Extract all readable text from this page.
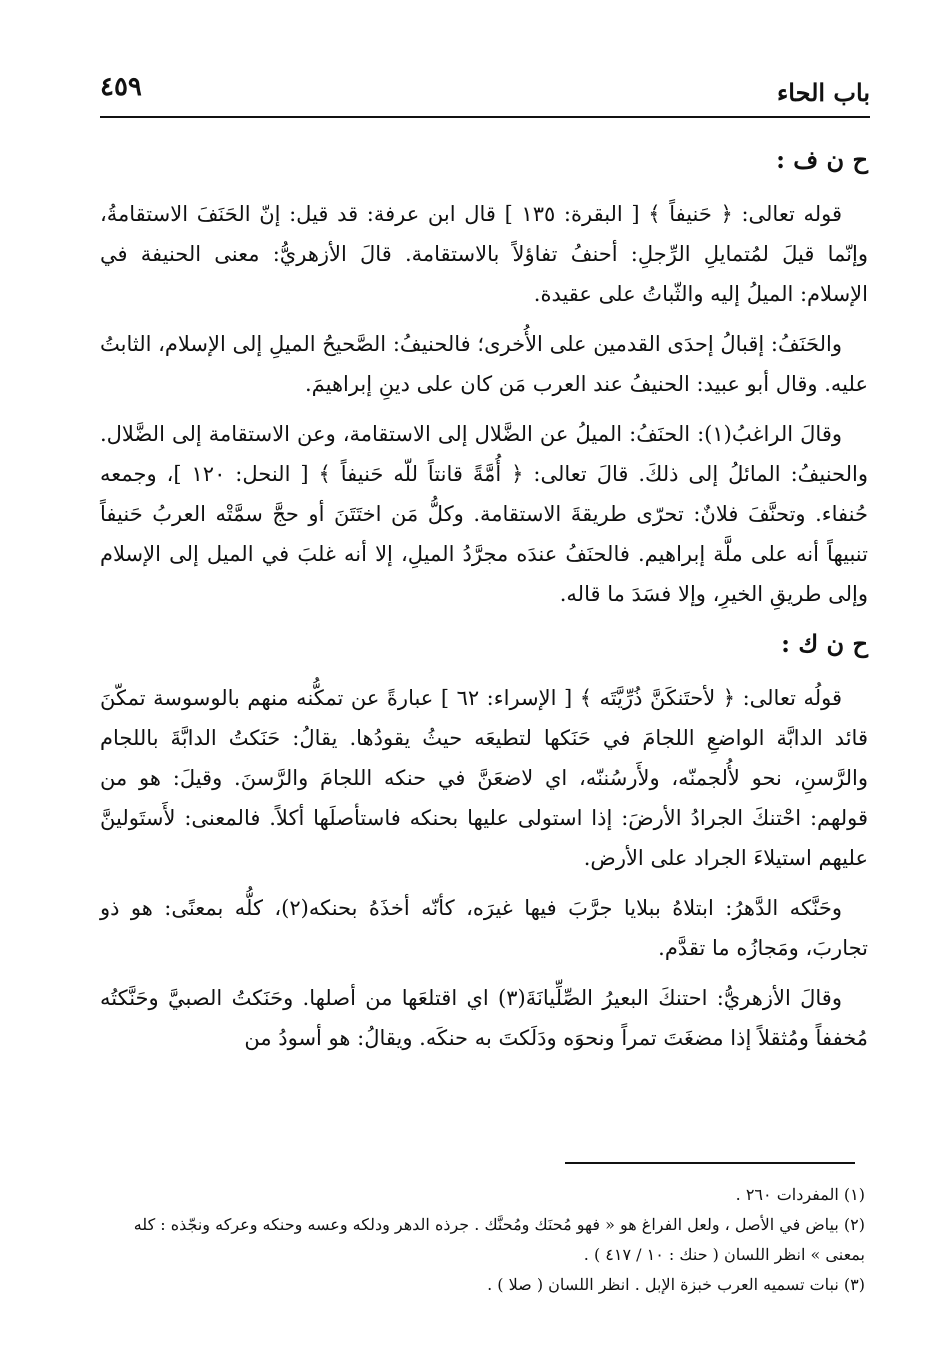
باب الحاء
٤٥٩
ح ن ف :

قوله تعالى: ﴿ حَنيفاً ﴾ [ البقرة: ١٣٥ ] قال ابن عرفة: قد قيل: إنّ الحَنَفَ الاستقامةُ، وإنّما قيلَ لمُتمايلِ الرِّجلِ: أحنفُ تفاؤلاً بالاستقامة. قالَ الأزهريُّ: معنى الحنيفة في الإسلام: الميلُ إليه والثّباتُ على عقيدة.

والحَنَفُ: إقبالُ إحدَى القدمين على الأُخرى؛ فالحنيفُ: الصَّحيحُ الميلِ إلى الإسلام، الثابتُ عليه. وقال أبو عبيد: الحنيفُ عند العرب مَن كان على دينِ إبراهيمَ.

وقالَ الراغبُ(١): الحنَفُ: الميلُ عن الضَّلال إلى الاستقامة، وعن الاستقامة إلى الضَّلال. والحنيفُ: المائلُ إلى ذلكَ. قالَ تعالى: ﴿ أُمَّةً قانتاً للّه حَنيفاً ﴾ [ النحل: ١٢٠ ]، وجمعه حُنفاء. وتحنَّفَ فلانٌ: تحرّى طريقةَ الاستقامة. وكلُّ مَن اختَتَنَ أو حجَّ سمَّتْه العربُ حَنيفاً تنبيهاً أنه على ملَّة إبراهيم. فالحنَفُ عندَه مجرَّدُ الميلِ، إلا أنه غلبَ في الميل إلى الإسلام وإلى طريقِ الخيرِ، وإلا فسَدَ ما قاله.

ح ن ك :

قولُه تعالى: ﴿ لأحتَنكَنَّ ذُرِّيَّتَه ﴾ [ الإسراء: ٦٢ ] عبارةً عن تمكُّنه منهم بالوسوسة تمكّنَ قائد الدابَّة الواضعِ اللجامَ في حَنَكها لتطيعَه حيثُ يقودُها. يقالُ: حَنَكتُ الدابَّةَ باللجام والرَّسنِ، نحو لأُلجمنّه، ولأَرسُننّه، اي لاضعَنَّ في حنكه اللجامَ والرَّسنَ. وقيلَ: هو من قولهم: احْتنكَ الجرادُ الأرضَ: إذا استولى عليها بحنكه فاستأصلَها أكلاً. فالمعنى: لأَستَولينَّ عليهم استيلاءَ الجراد على الأرض.

وحَنَّكه الدَّهرُ: ابتلاهُ ببلايا جرَّبَ فيها غيرَه، كأنّه أخذَهُ بحنكه(٢)، كلُّه بمعنًى: هو ذو تجاربَ، ومَجازُه ما تقدَّم.

وقالَ الأزهريُّ: احتنكَ البعيرُ الصِّلِّيانَةَ(٣) اي اقتلعَها من أصلها. وحَنَكتُ الصبيَّ وحَنَّكتُه مُخففاً ومُثقلاً إذا مضغَتَ تمراً ونحوَه ودَلَكتَ به حنكَه. ويقالُ: هو أسودُ من

(١) المفردات ٢٦٠ .

(٢) بياض في الأصل ، ولعل الفراغ هو « فهو مُحنَك ومُحنَّك . جرذه الدهر ودلكه وعسه وحنكه وعركه ونجّذه : كله بمعنى » انظر اللسان ( حنك : ١٠ / ٤١٧ ) .

(٣) نبات تسميه العرب خبزة الإبل . انظر اللسان ( صلا ) .
